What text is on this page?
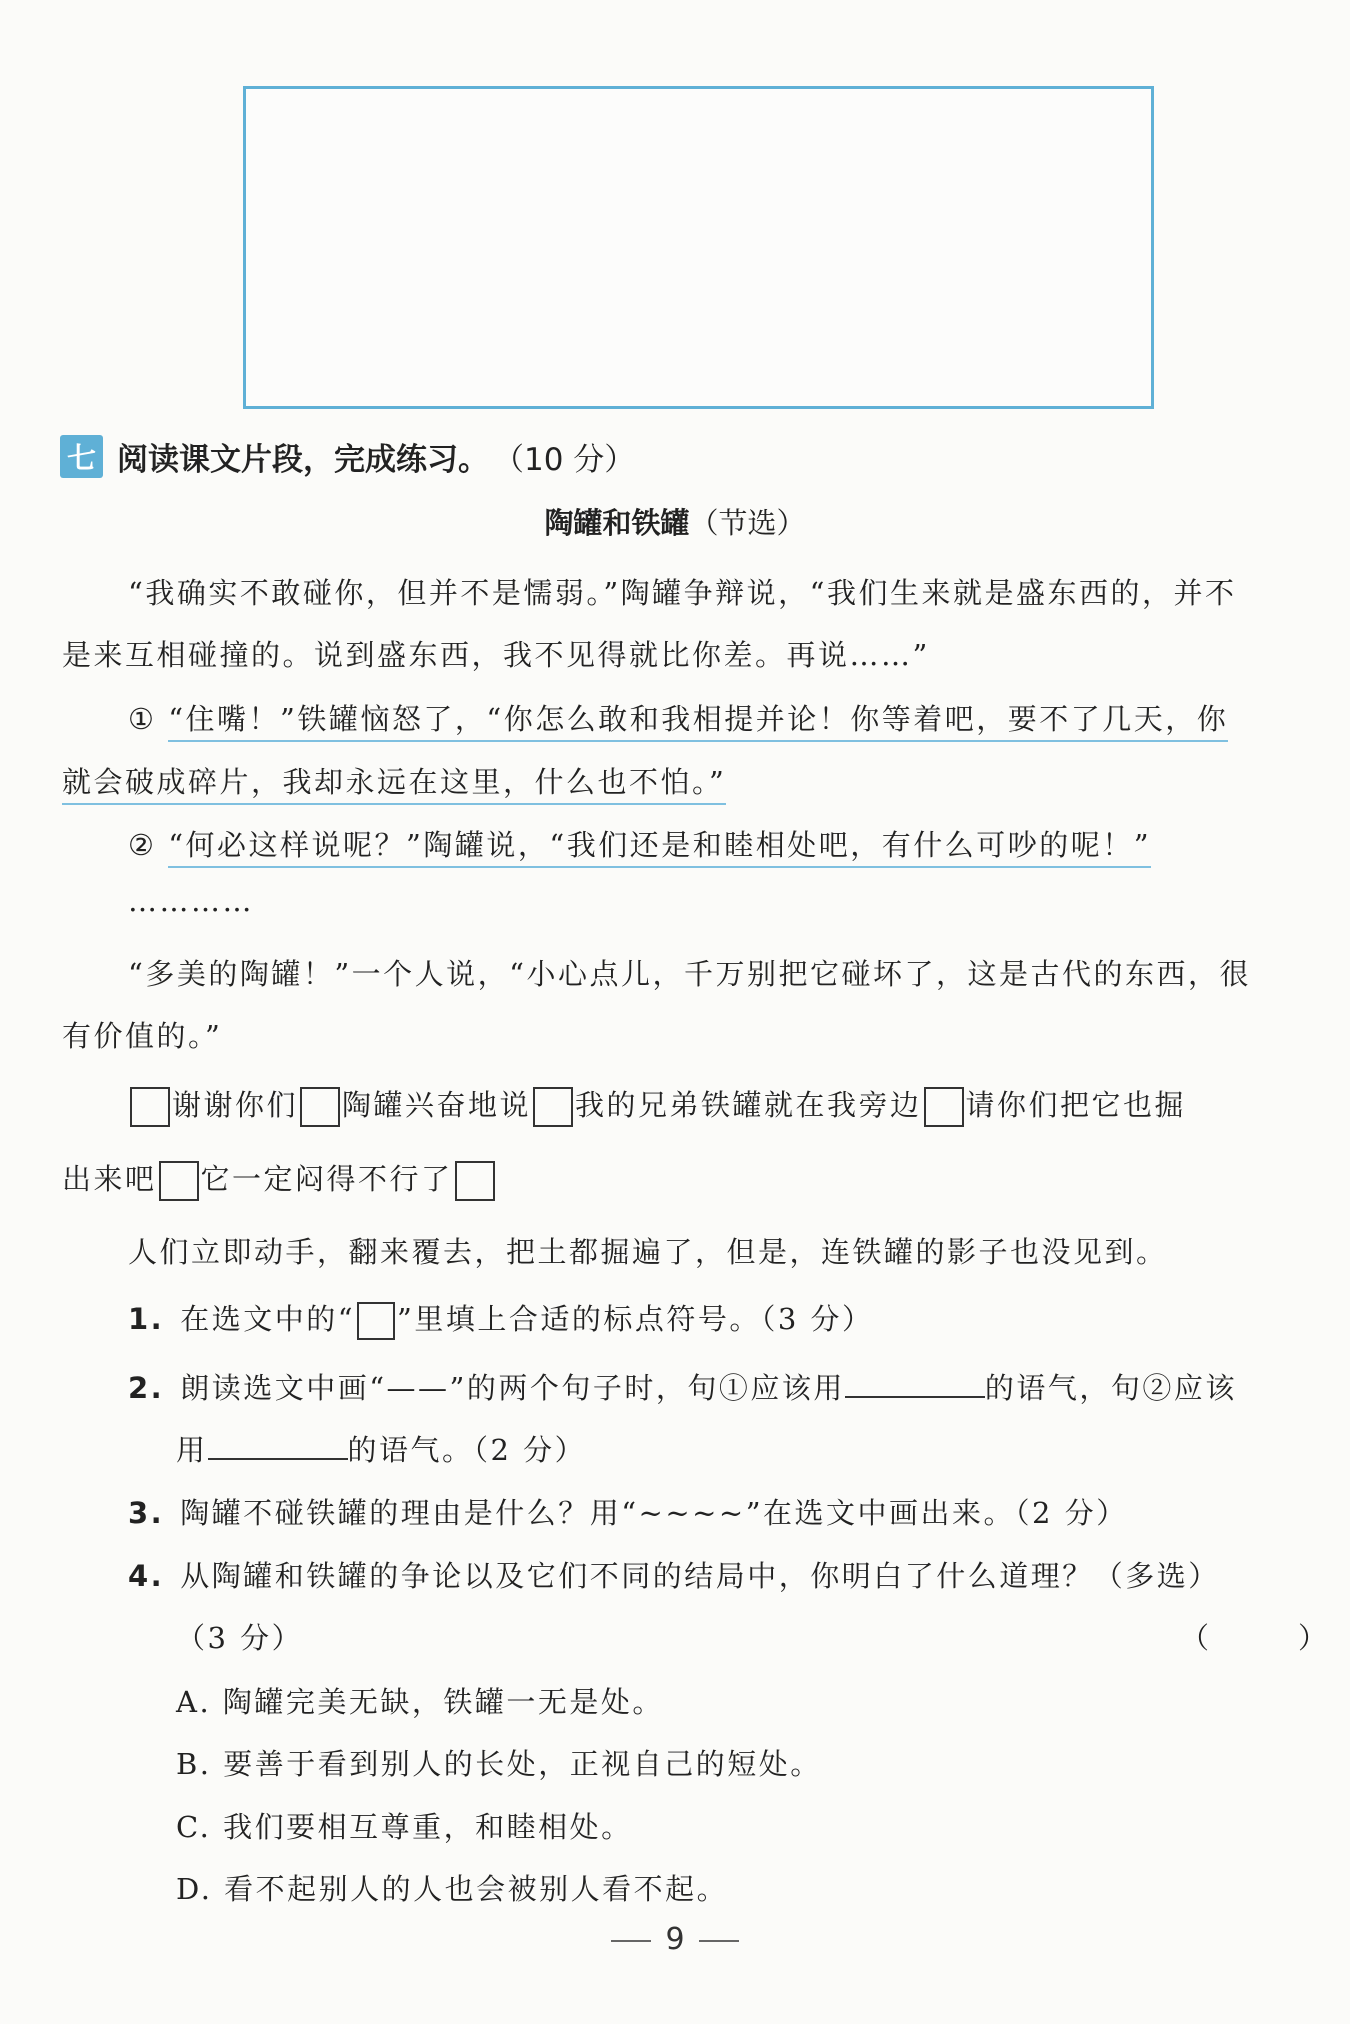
七 阅读课文片段，完成练习。 （10 分）
陶罐和铁罐（节选）
“我确实不敢碰你，但并不是懦弱。”陶罐争辩说，“我们生来就是盛东西的，并不
是来互相碰撞的。说到盛东西，我不见得就比你差。再说……”
① “住嘴！”铁罐恼怒了，“你怎么敢和我相提并论！你等着吧，要不了几天，你
就会破成碎片，我却永远在这里，什么也不怕。”
② “何必这样说呢？”陶罐说，“我们还是和睦相处吧，有什么可吵的呢！”
…………
“多美的陶罐！”一个人说，“小心点儿，千万别把它碰坏了，这是古代的东西，很
有价值的。”
谢谢你们 陶罐兴奋地说 我的兄弟铁罐就在我旁边 请你们把它也掘
出来吧 它一定闷得不行了
人们立即动手，翻来覆去，把土都掘遍了，但是，连铁罐的影子也没见到。
1. 在选文中的“ ”里填上合适的标点符号。（3 分）
2. 朗读选文中画“——”的两个句子时，句①应该用	的语气，句②应该
用	的语气。（2 分）
3. 陶罐不碰铁罐的理由是什么？用“~~~~”在选文中画出来。（2 分）
4. 从陶罐和铁罐的争论以及它们不同的结局中，你明白了什么道理？（多选）
（3 分）	（	）
A. 陶罐完美无缺，铁罐一无是处。
B. 要善于看到别人的长处，正视自己的短处。
C. 我们要相互尊重，和睦相处。
D. 看不起别人的人也会被别人看不起。
9
